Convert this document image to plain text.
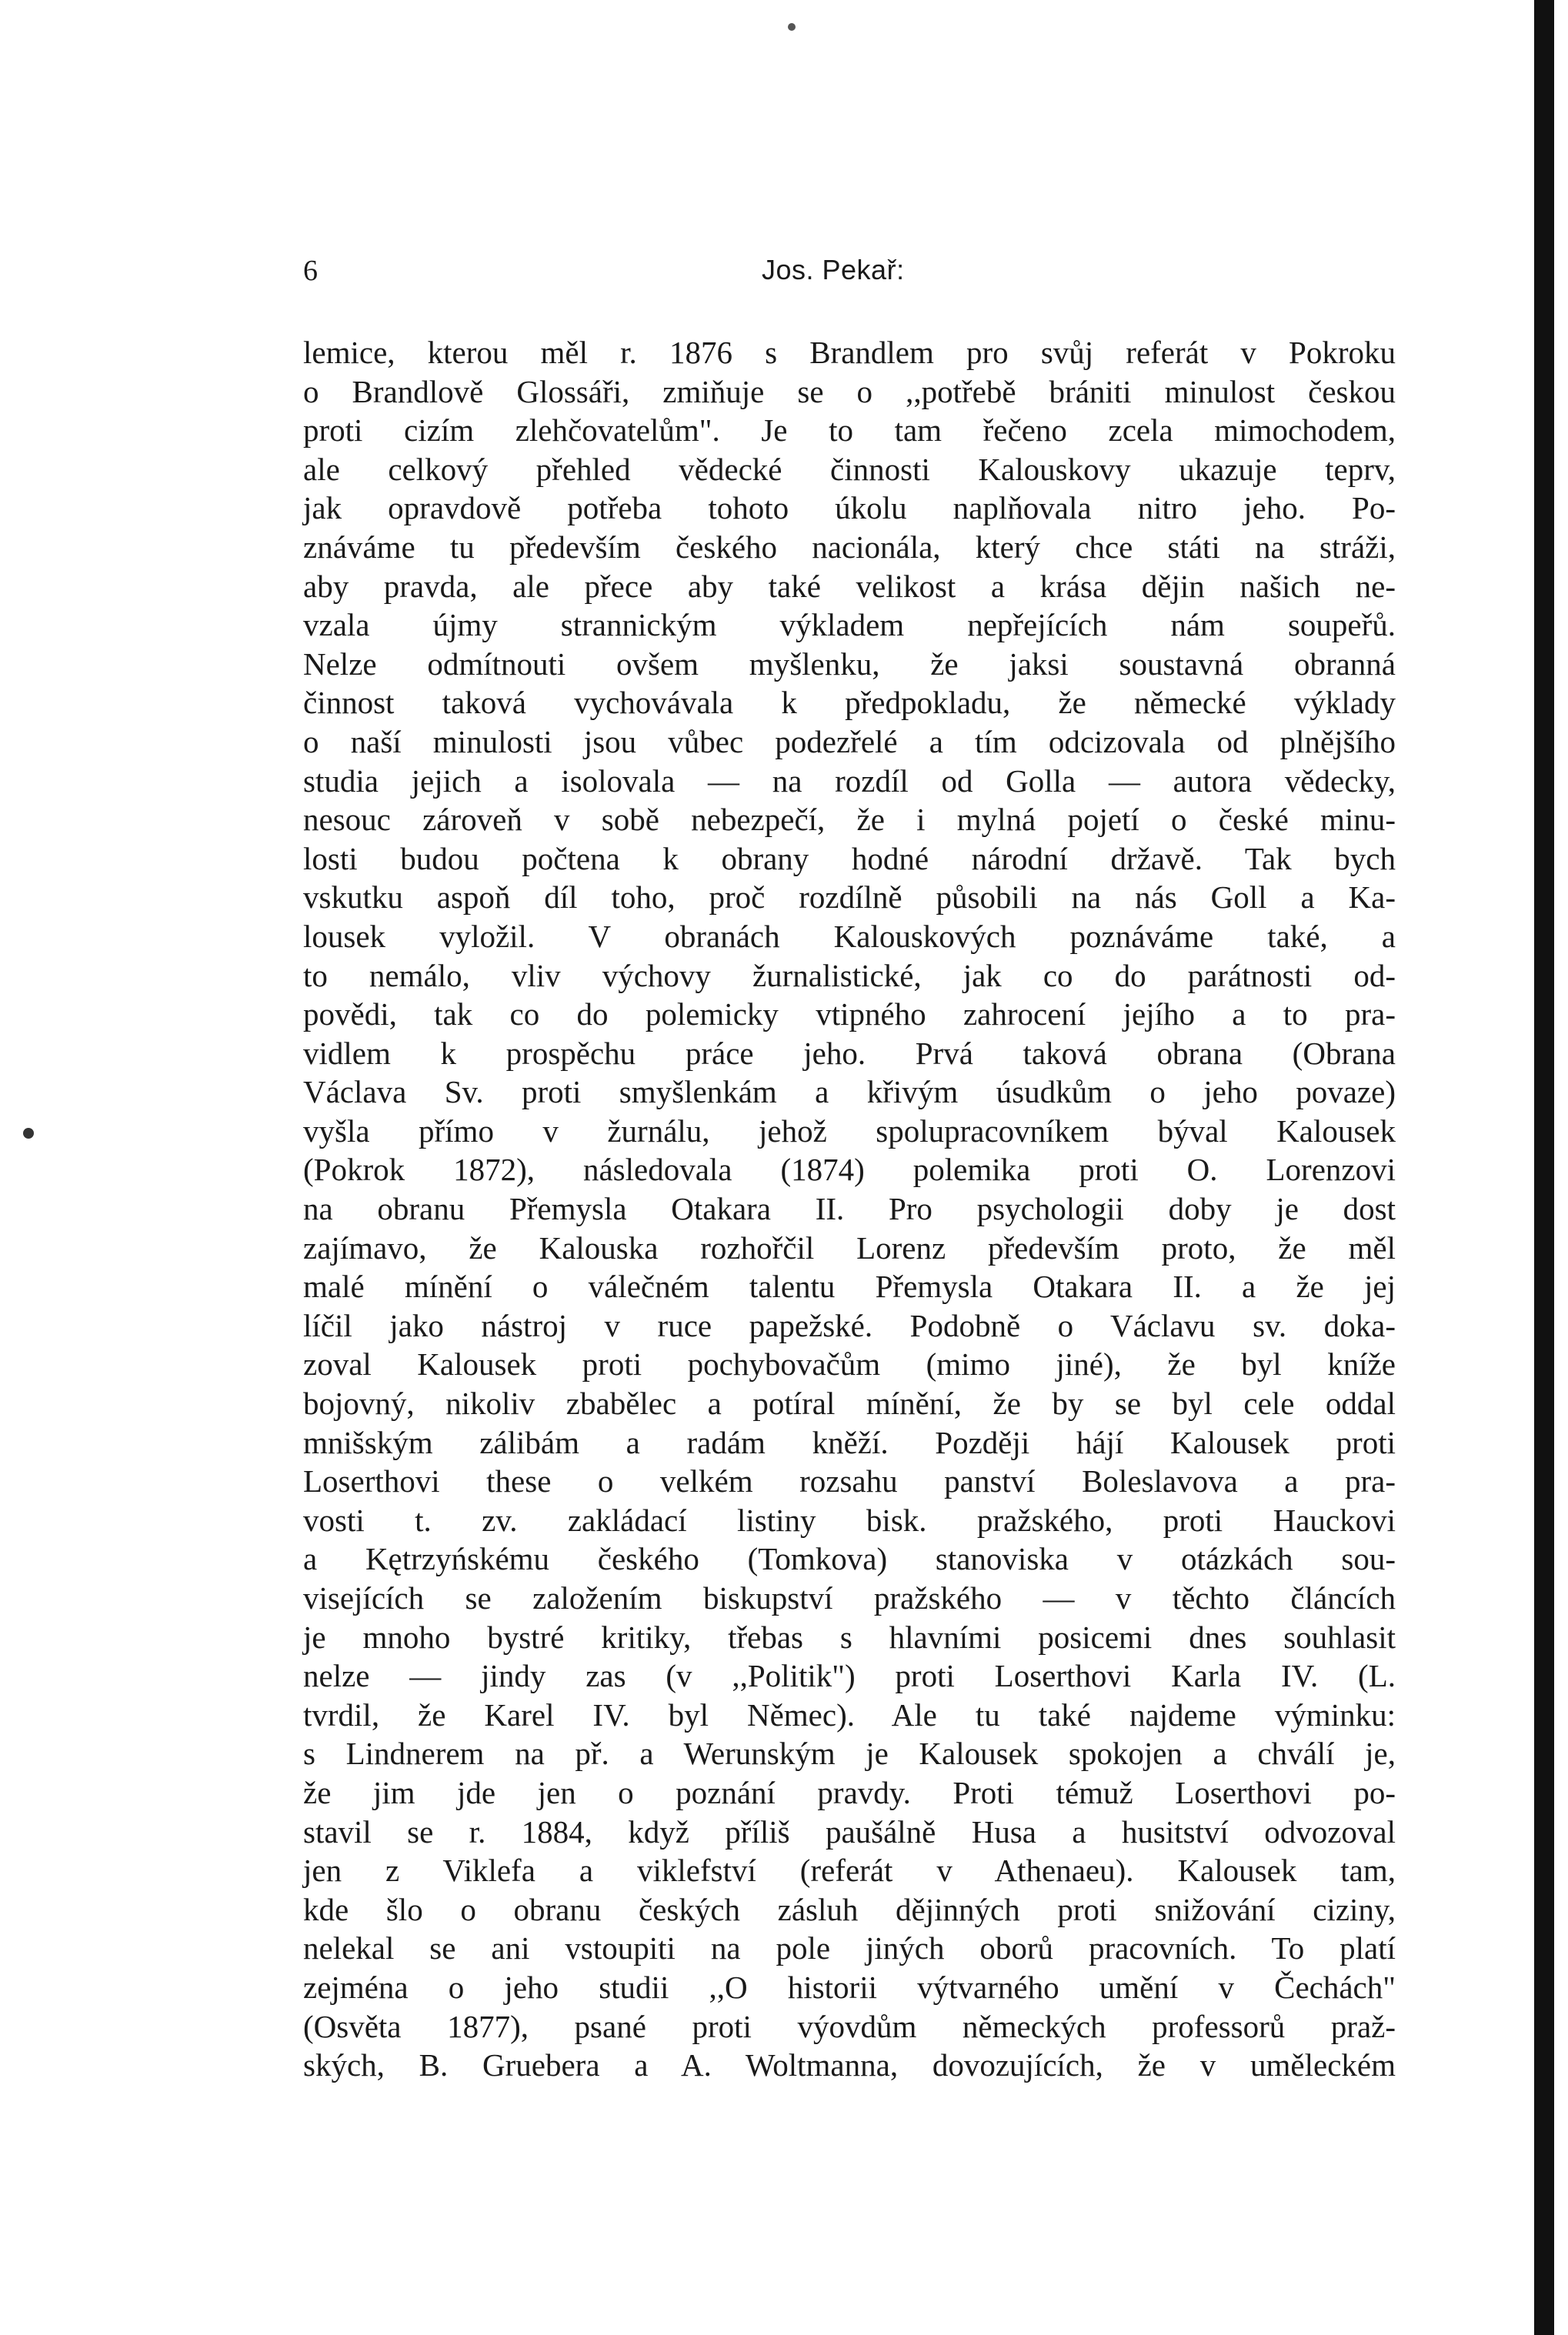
6	Jos. Pekař:
lemice, kterou měl r. 1876 s Brandlem pro svůj referát v Pokroku
o Brandlově Glossáři, zmiňuje se o ,,potřebě brániti minulost českou
proti cizím zlehčovatelům". Je to tam řečeno zcela mimochodem,
ale celkový přehled vědecké činnosti Kalouskovy ukazuje teprv,
jak opravdově potřeba tohoto úkolu naplňovala nitro jeho. Po-
znáváme tu především českého nacionála, který chce státi na stráži,
aby pravda, ale přece aby také velikost a krása dějin našich ne-
vzala újmy strannickým výkladem nepřejících nám soupeřů.
Nelze odmítnouti ovšem myšlenku, že jaksi soustavná obranná
činnost taková vychovávala k předpokladu, že německé výklady
o naší minulosti jsou vůbec podezřelé a tím odcizovala od plnějšího
studia jejich a isolovala — na rozdíl od Golla — autora vědecky,
nesouc zároveň v sobě nebezpečí, že i mylná pojetí o české minu-
losti budou počtena k obrany hodné národní državě. Tak bych
vskutku aspoň díl toho, proč rozdílně působili na nás Goll a Ka-
lousek vyložil. V obranách Kalouskových poznáváme také, a
to nemálo, vliv výchovy žurnalistické, jak co do parátnosti od-
povědi, tak co do polemicky vtipného zahrocení jejího a to pra-
vidlem k prospěchu práce jeho. Prvá taková obrana (Obrana
Václava Sv. proti smyšlenkám a křivým úsudkům o jeho povaze)
vyšla přímo v žurnálu, jehož spolupracovníkem býval Kalousek
(Pokrok 1872), následovala (1874) polemika proti O. Lorenzovi
na obranu Přemysla Otakara II. Pro psychologii doby je dost
zajímavo, že Kalouska rozhořčil Lorenz především proto, že měl
malé mínění o válečném talentu Přemysla Otakara II. a že jej
líčil jako nástroj v ruce papežské. Podobně o Václavu sv. doka-
zoval Kalousek proti pochybovačům (mimo jiné), že byl kníže
bojovný, nikoliv zbabělec a potíral mínění, že by se byl cele oddal
mnišským zálibám a radám kněží. Později hájí Kalousek proti
Loserthovi these o velkém rozsahu panství Boleslavova a pra-
vosti t. zv. zakládací listiny bisk. pražského, proti Hauckovi
a Kętrzyńskému českého (Tomkova) stanoviska v otázkách sou-
visejících se založením biskupství pražského — v těchto článcích
je mnoho bystré kritiky, třebas s hlavními posicemi dnes souhlasit
nelze — jindy zas (v ,,Politik") proti Loserthovi Karla IV. (L.
tvrdil, že Karel IV. byl Němec). Ale tu také najdeme výminku:
s Lindnerem na př. a Werunským je Kalousek spokojen a chválí je,
že jim jde jen o poznání pravdy. Proti témuž Loserthovi po-
stavil se r. 1884, když příliš paušálně Husa a husitství odvozoval
jen z Viklefa a viklefství (referát v Athenaeu). Kalousek tam,
kde šlo o obranu českých zásluh dějinných proti snižování ciziny,
nelekal se ani vstoupiti na pole jiných oborů pracovních. To platí
zejména o jeho studii ,,O historii výtvarného umění v Čechách"
(Osvěta 1877), psané proti výovdům německých professorů praž-
ských, B. Gruebera a A. Woltmanna, dovozujících, že v uměleckém
